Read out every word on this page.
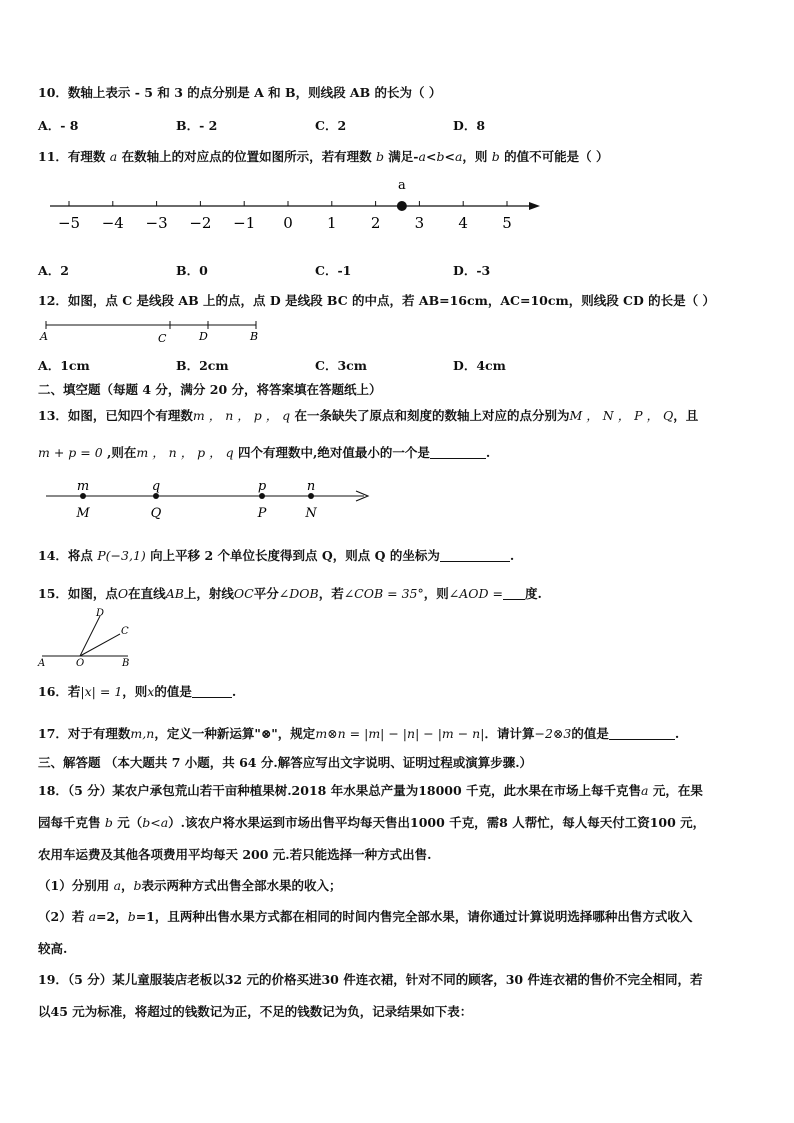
10．数轴上表示 - 5 和 3 的点分别是 A 和 B，则线段 AB 的长为（ ）
A．- 8	B．- 2	C．2	D．8
11．有理数 a 在数轴上的对应点的位置如图所示，若有理数 b 满足-a<b<a，则 b 的值不可能是（ ）
−5 −4 −3 −2 −1 0 1 2 3 4 5
a
A．2	B．0	C．-1	D．-3
12．如图，点 C 是线段 AB 上的点，点 D 是线段 BC 的中点，若 AB=16cm，AC=10cm，则线段 CD 的长是（ ）
A	C	D	B
A．1cm	B．2cm	C．3cm	D．4cm
二、填空题（每题 4 分，满分 20 分，将答案填在答题纸上）
13．如图，已知四个有理数m ， n ， p ， q 在一条缺失了原点和刻度的数轴上对应的点分别为M ， N ， P ， Q，且
m + p = 0 ,则在m ， n ， p ， q 四个有理数中,绝对值最小的一个是	.
m	q	p	n
M	Q	P	N
14．将点 P(−3,1) 向上平移 2 个单位长度得到点 Q，则点 Q 的坐标为	.
15．如图，点O在直线AB上，射线OC平分∠DOB，若∠COB = 35°，则∠AOD = 度.
D
C
A	O	B
16．若|x| = 1，则x的值是	.
17．对于有理数m,n，定义一种新运算"⊗"，规定m⊗n = |m| − |n| − |m − n|．请计算−2⊗3的值是	.
三、解答题 （本大题共 7 小题，共 64 分.解答应写出文字说明、证明过程或演算步骤.）
18．（5 分）某农户承包荒山若干亩种植果树.2018 年水果总产量为18000 千克，此水果在市场上每千克售a 元，在果
园每千克售 b 元（b<a）.该农户将水果运到市场出售平均每天售出1000 千克，需8 人帮忙，每人每天付工资100 元，
农用车运费及其他各项费用平均每天 200 元.若只能选择一种方式出售.
（1）分别用 a，b表示两种方式出售全部水果的收入；
（2）若 a=2，b=1，且两种出售水果方式都在相同的时间内售完全部水果，请你通过计算说明选择哪种出售方式收入
较高.
19．（5 分）某儿童服装店老板以32 元的价格买进30 件连衣裙，针对不同的顾客，30 件连衣裙的售价不完全相同，若
以45 元为标准，将超过的钱数记为正，不足的钱数记为负，记录结果如下表：
